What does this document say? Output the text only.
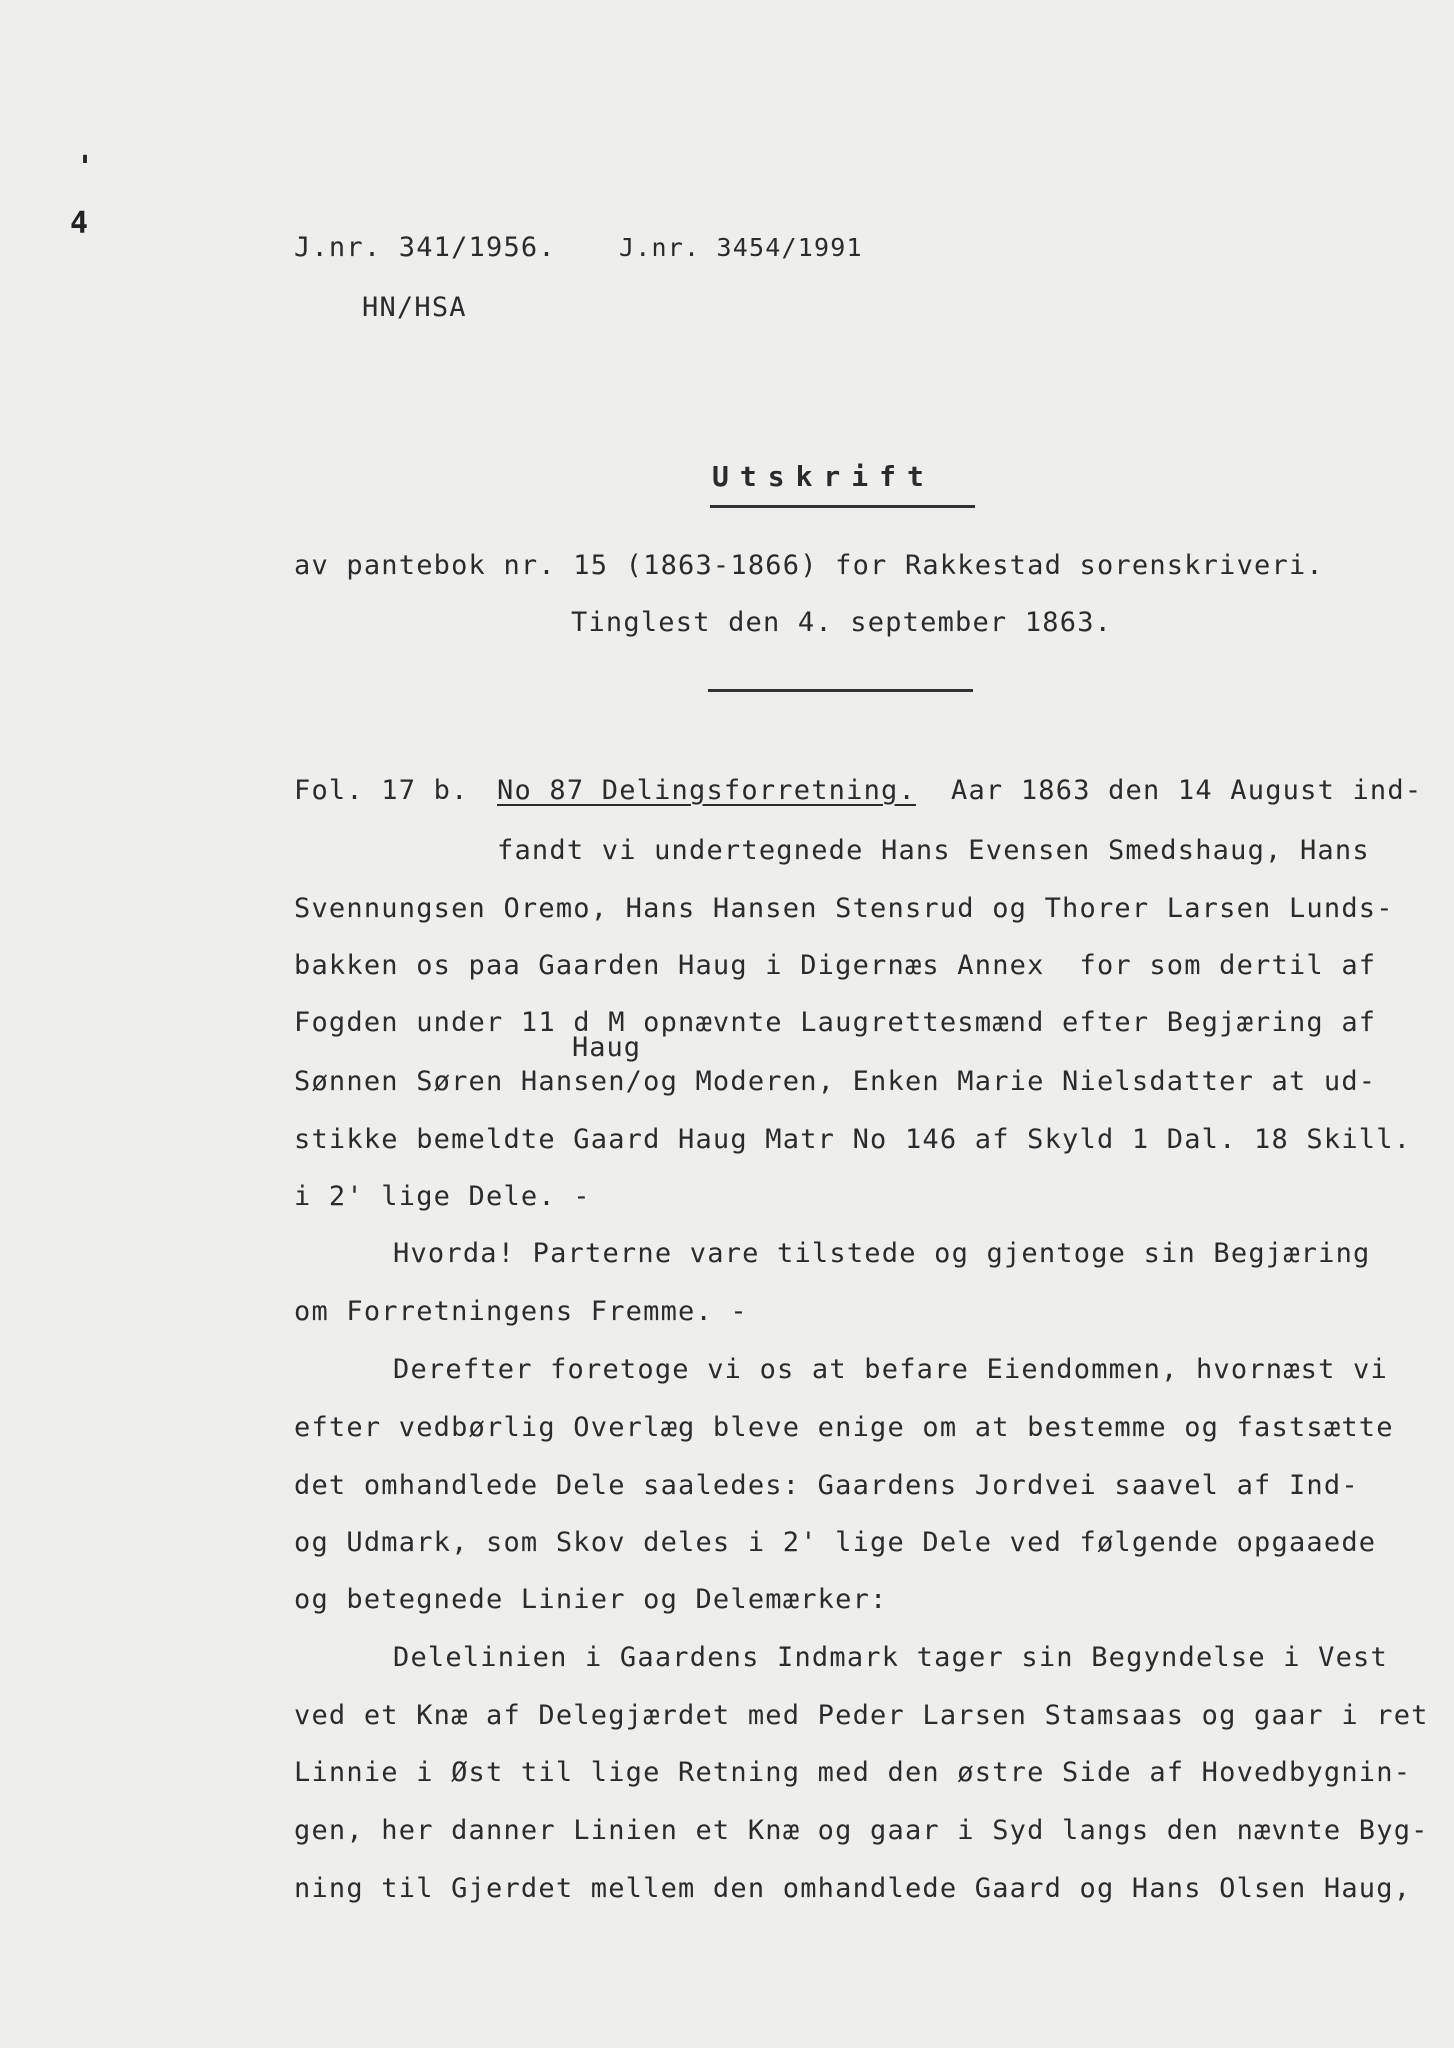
'
4
J.nr. 341/1956.	J.nr. 3454/1991
HN/HSA
Utskrift
av pantebok nr. 15 (1863-1866) for Rakkestad sorenskriveri.
Tinglest den 4. september 1863.
Fol. 17 b. No 87 Delingsforretning. Aar 1863 den 14 August ind-
fandt vi undertegnede Hans Evensen Smedshaug, Hans
Svennungsen Oremo, Hans Hansen Stensrud og Thorer Larsen Lunds-
bakken os paa Gaarden Haug i Digernæs Annex  for som dertil af
Fogden under 11 d M opnævnte Laugrettesmænd efter Begjæring af
Haug
Sønnen Søren Hansen/og Moderen, Enken Marie Nielsdatter at ud-
stikke bemeldte Gaard Haug Matr No 146 af Skyld 1 Dal. 18 Skill.
i 2' lige Dele. -
Hvorda! Parterne vare tilstede og gjentoge sin Begjæring
om Forretningens Fremme. -
Derefter foretoge vi os at befare Eiendommen, hvornæst vi
efter vedbørlig Overlæg bleve enige om at bestemme og fastsætte
det omhandlede Dele saaledes: Gaardens Jordvei saavel af Ind-
og Udmark, som Skov deles i 2' lige Dele ved følgende opgaaede
og betegnede Linier og Delemærker:
Delelinien i Gaardens Indmark tager sin Begyndelse i Vest
ved et Knæ af Delegjærdet med Peder Larsen Stamsaas og gaar i ret
Linnie i Øst til lige Retning med den østre Side af Hovedbygnin-
gen, her danner Linien et Knæ og gaar i Syd langs den nævnte Byg-
ning til Gjerdet mellem den omhandlede Gaard og Hans Olsen Haug,
